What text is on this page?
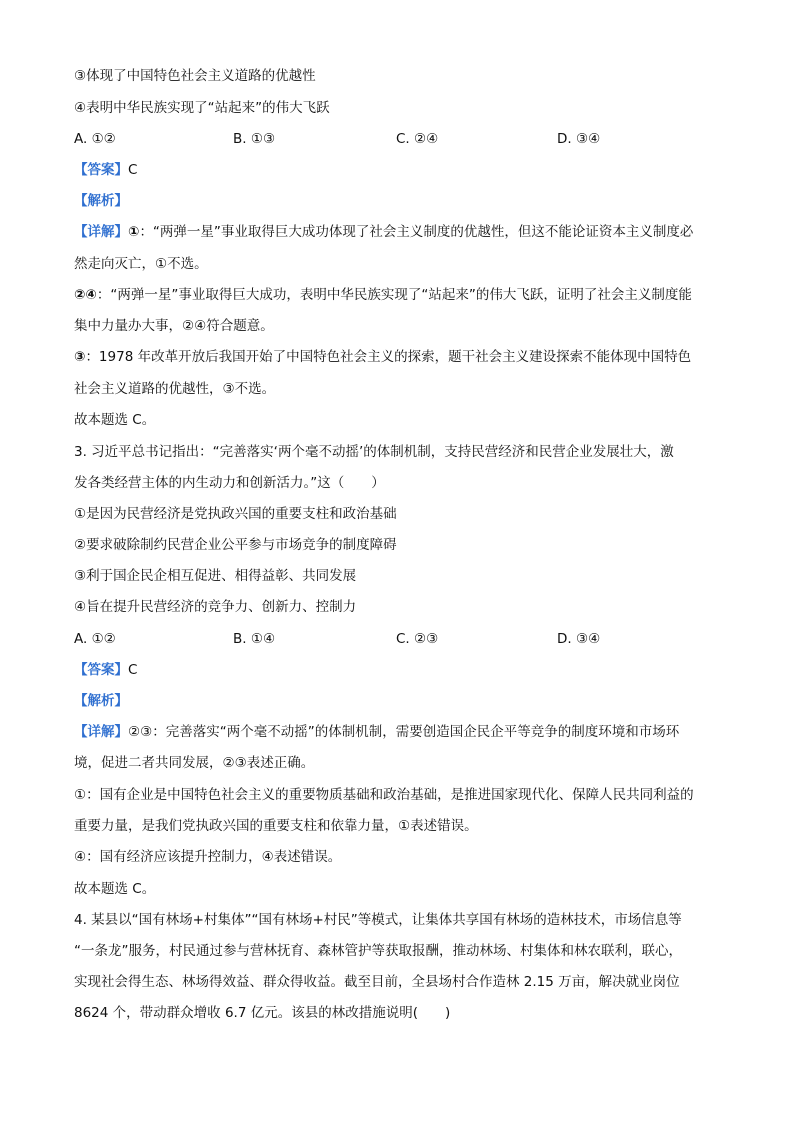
③体现了中国特色社会主义道路的优越性
④表明中华民族实现了“站起来”的伟大飞跃
A. ①②	B. ①③	C. ②④	D. ③④
【答案】C
【解析】
【详解】①：“两弹一星”事业取得巨大成功体现了社会主义制度的优越性，但这不能论证资本主义制度必
然走向灭亡，①不选。
②④：“两弹一星”事业取得巨大成功，表明中华民族实现了“站起来”的伟大飞跃，证明了社会主义制度能
集中力量办大事，②④符合题意。
③：1978 年改革开放后我国开始了中国特色社会主义的探索，题干社会主义建设探索不能体现中国特色
社会主义道路的优越性，③不选。
故本题选 C。
3. 习近平总书记指出：“完善落实‘两个毫不动摇’的体制机制，支持民营经济和民营企业发展壮大，激
发各类经营主体的内生动力和创新活力。”这（　　）
①是因为民营经济是党执政兴国的重要支柱和政治基础
②要求破除制约民营企业公平参与市场竞争的制度障碍
③利于国企民企相互促进、相得益彰、共同发展
④旨在提升民营经济的竞争力、创新力、控制力
A. ①②	B. ①④	C. ②③	D. ③④
【答案】C
【解析】
【详解】②③：完善落实“两个毫不动摇”的体制机制，需要创造国企民企平等竞争的制度环境和市场环
境，促进二者共同发展，②③表述正确。
①：国有企业是中国特色社会主义的重要物质基础和政治基础，是推进国家现代化、保障人民共同利益的
重要力量，是我们党执政兴国的重要支柱和依靠力量，①表述错误。
④：国有经济应该提升控制力，④表述错误。
故本题选 C。
4. 某县以“国有林场+村集体”“国有林场+村民”等模式，让集体共享国有林场的造林技术，市场信息等
“一条龙”服务，村民通过参与营林抚育、森林管护等获取报酬，推动林场、村集体和林农联利，联心，
实现社会得生态、林场得效益、群众得收益。截至目前，全县场村合作造林 2.15 万亩，解决就业岗位
8624 个，带动群众增收 6.7 亿元。该县的林改措施说明(　　)
